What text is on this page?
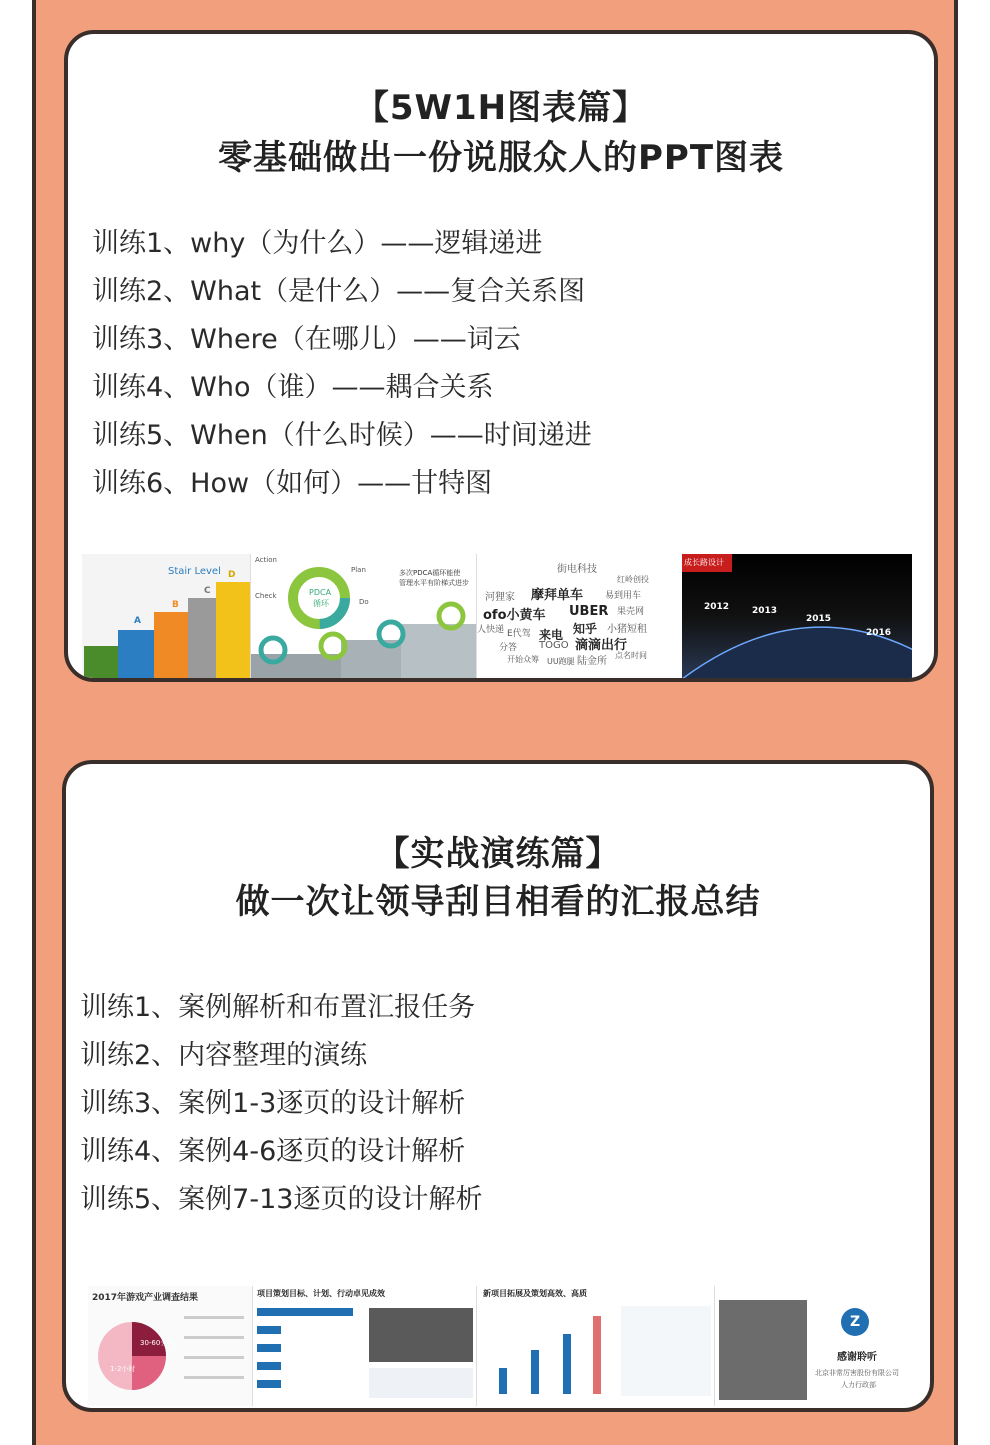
【5W1H图表篇】
零基础做出一份说服众人的PPT图表
训练1、why（为什么）——逻辑递进
训练2、What（是什么）——复合关系图
训练3、Where（在哪儿）——词云
训练4、Who（谁）——耦合关系
训练5、When（什么时候）——时间递进
训练6、How（如何）——甘特图
Stair Level
A
B
C
D
PDCA
循环
Action
Plan
Check
Do
多次PDCA循环能使
管理水平有阶梯式进步
街电科技
红岭创投
河狸家 摩拜单车 易到用车
ofo小黄车 UBER 果壳网
知乎 小猪短租
E代驾 来电
滴滴出行
分答 TOGO
陆金所
UU跑腿
开始众筹	点名时间
人快递
成长路设计
2012	2013
2015
2016
【实战演练篇】
做一次让领导刮目相看的汇报总结
训练1、案例解析和布置汇报任务
训练2、内容整理的演练
训练3、案例1-3逐页的设计解析
训练4、案例4-6逐页的设计解析
训练5、案例7-13逐页的设计解析
2017年游戏产业调查结果
30-60分钟
1-2小时
项目策划目标、计划、行动卓见成效	新项目拓展及策划高效、高质
Z
感谢聆听
北京非常厉害股份有限公司
人力行政部
